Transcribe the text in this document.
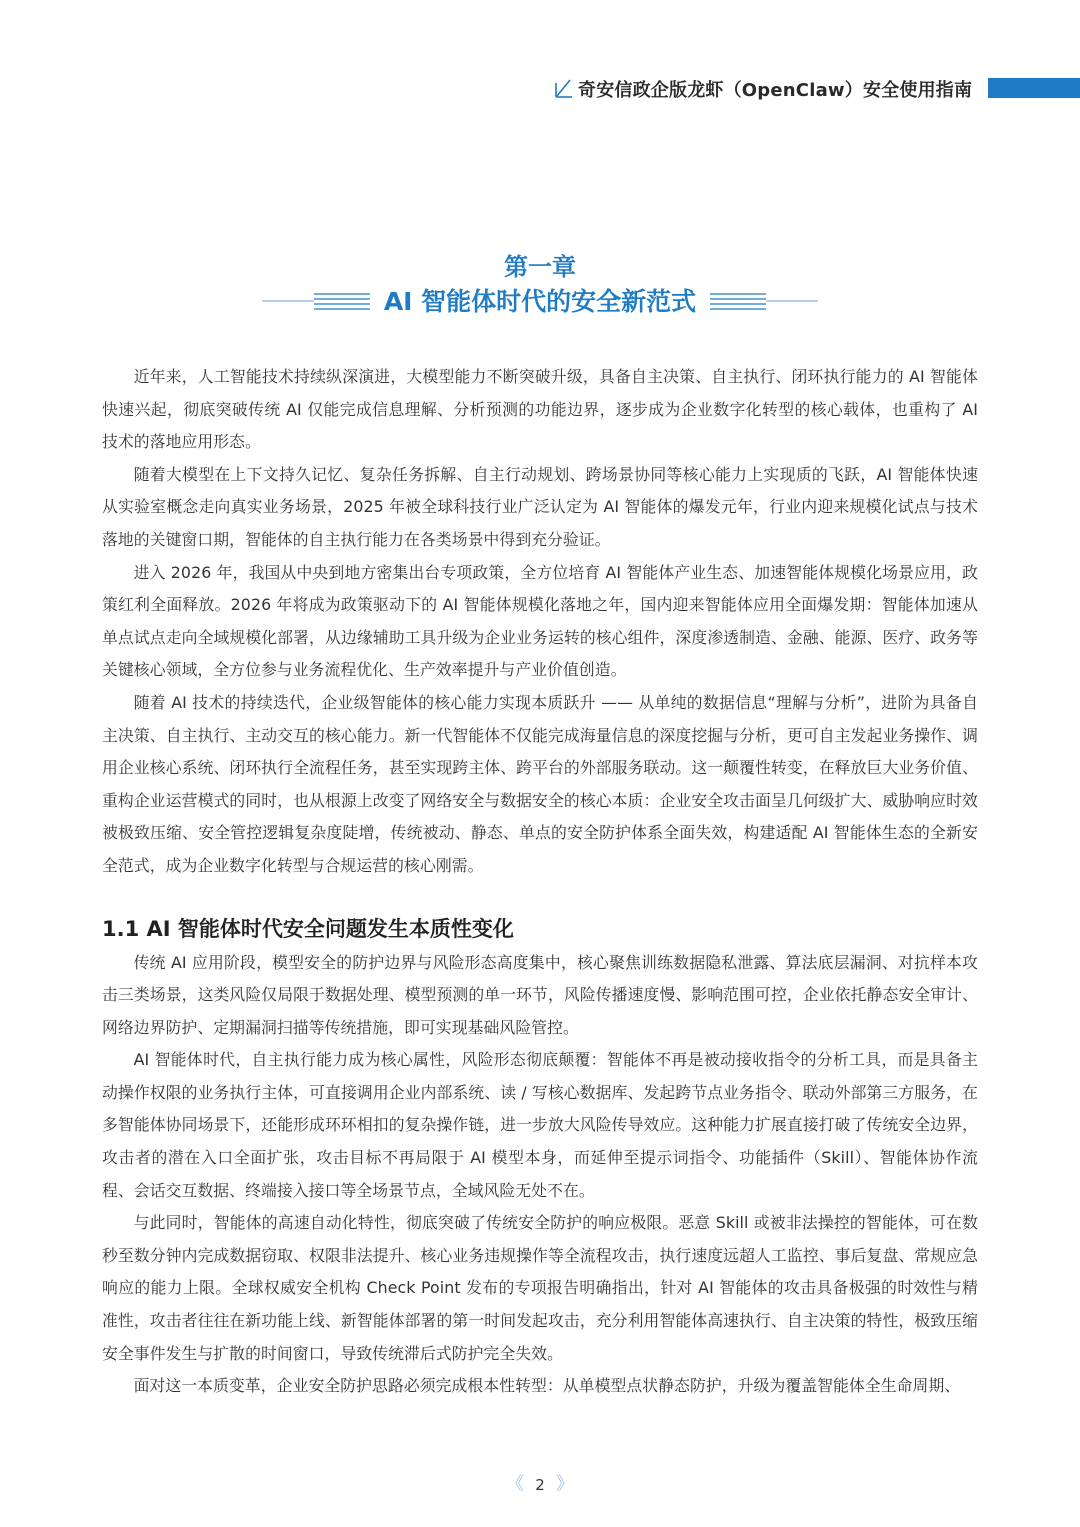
奇安信政企版龙虾（OpenClaw）安全使用指南
第一章
AI 智能体时代的安全新范式

近年来，人工智能技术持续纵深演进，大模型能力不断突破升级，具备自主决策、自主执行、闭环执行能力的 AI 智能体快速兴起，彻底突破传统 AI 仅能完成信息理解、分析预测的功能边界，逐步成为企业数字化转型的核心载体，也重构了 AI 技术的落地应用形态。

随着大模型在上下文持久记忆、复杂任务拆解、自主行动规划、跨场景协同等核心能力上实现质的飞跃，AI 智能体快速从实验室概念走向真实业务场景，2025 年被全球科技行业广泛认定为 AI 智能体的爆发元年，行业内迎来规模化试点与技术落地的关键窗口期，智能体的自主执行能力在各类场景中得到充分验证。

进入 2026 年，我国从中央到地方密集出台专项政策，全方位培育 AI 智能体产业生态、加速智能体规模化场景应用，政策红利全面释放。2026 年将成为政策驱动下的 AI 智能体规模化落地之年，国内迎来智能体应用全面爆发期：智能体加速从单点试点走向全域规模化部署，从边缘辅助工具升级为企业业务运转的核心组件，深度渗透制造、金融、能源、医疗、政务等关键核心领域，全方位参与业务流程优化、生产效率提升与产业价值创造。

随着 AI 技术的持续迭代，企业级智能体的核心能力实现本质跃升 —— 从单纯的数据信息“理解与分析”，进阶为具备自主决策、自主执行、主动交互的核心能力。新一代智能体不仅能完成海量信息的深度挖掘与分析，更可自主发起业务操作、调用企业核心系统、闭环执行全流程任务，甚至实现跨主体、跨平台的外部服务联动。这一颠覆性转变，在释放巨大业务价值、重构企业运营模式的同时，也从根源上改变了网络安全与数据安全的核心本质：企业安全攻击面呈几何级扩大、威胁响应时效被极致压缩、安全管控逻辑复杂度陡增，传统被动、静态、单点的安全防护体系全面失效，构建适配 AI 智能体生态的全新安全范式，成为企业数字化转型与合规运营的核心刚需。

1.1 AI 智能体时代安全问题发生本质性变化

传统 AI 应用阶段，模型安全的防护边界与风险形态高度集中，核心聚焦训练数据隐私泄露、算法底层漏洞、对抗样本攻击三类场景，这类风险仅局限于数据处理、模型预测的单一环节，风险传播速度慢、影响范围可控，企业依托静态安全审计、网络边界防护、定期漏洞扫描等传统措施，即可实现基础风险管控。

AI 智能体时代，自主执行能力成为核心属性，风险形态彻底颠覆：智能体不再是被动接收指令的分析工具，而是具备主动操作权限的业务执行主体，可直接调用企业内部系统、读 / 写核心数据库、发起跨节点业务指令、联动外部第三方服务，在多智能体协同场景下，还能形成环环相扣的复杂操作链，进一步放大风险传导效应。这种能力扩展直接打破了传统安全边界，攻击者的潜在入口全面扩张，攻击目标不再局限于 AI 模型本身，而延伸至提示词指令、功能插件（Skill）、智能体协作流程、会话交互数据、终端接入接口等全场景节点，全域风险无处不在。

与此同时，智能体的高速自动化特性，彻底突破了传统安全防护的响应极限。恶意 Skill 或被非法操控的智能体，可在数秒至数分钟内完成数据窃取、权限非法提升、核心业务违规操作等全流程攻击，执行速度远超人工监控、事后复盘、常规应急响应的能力上限。全球权威安全机构 Check Point 发布的专项报告明确指出，针对 AI 智能体的攻击具备极强的时效性与精准性，攻击者往往在新功能上线、新智能体部署的第一时间发起攻击，充分利用智能体高速执行、自主决策的特性，极致压缩安全事件发生与扩散的时间窗口，导致传统滞后式防护完全失效。

面对这一本质变革，企业安全防护思路必须完成根本性转型：从单模型点状静态防护，升级为覆盖智能体全生命周期、

《 2 》
